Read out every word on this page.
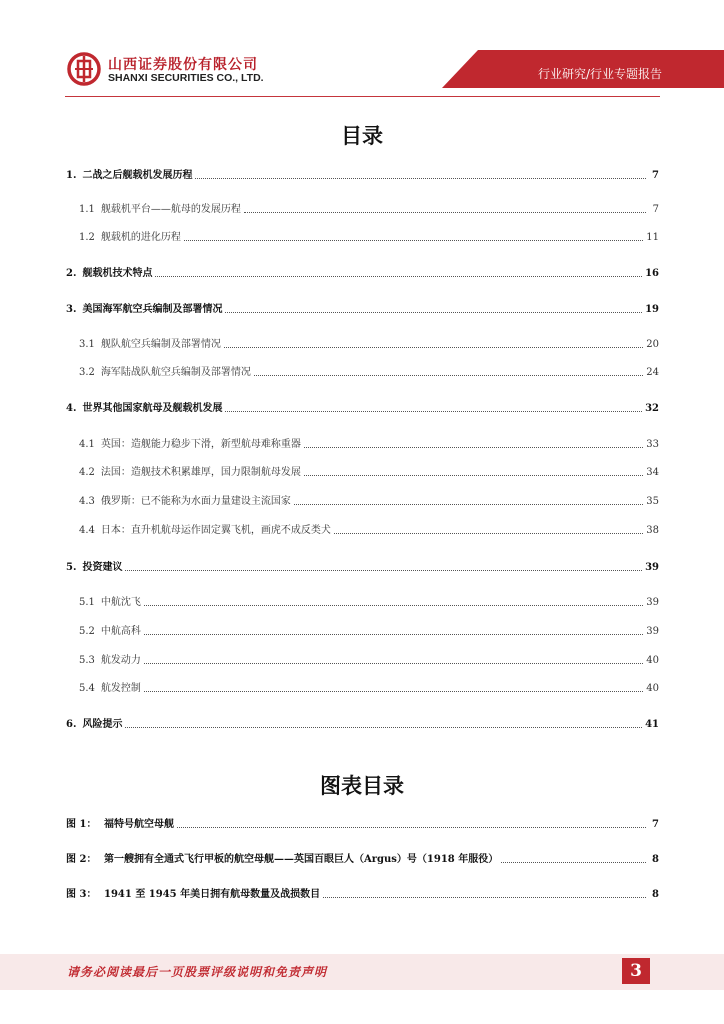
山西证券股份有限公司
SHANXI SECURITIES CO., LTD.	行业研究/行业专题报告
目录
1. 二战之后舰载机发展历程	7
1.1 舰载机平台——航母的发展历程	7
1.2 舰载机的进化历程	11
2. 舰载机技术特点	16
3. 美国海军航空兵编制及部署情况	19
3.1 舰队航空兵编制及部署情况	20
3.2 海军陆战队航空兵编制及部署情况	24
4. 世界其他国家航母及舰载机发展	32
4.1 英国：造舰能力稳步下滑，新型航母难称重器	33
4.2 法国：造舰技术积累雄厚，国力限制航母发展	34
4.3 俄罗斯：已不能称为水面力量建设主流国家	35
4.4 日本：直升机航母运作固定翼飞机，画虎不成反类犬	38
5. 投资建议	39
5.1 中航沈飞	39
5.2 中航高科	39
5.3 航发动力	40
5.4 航发控制	40
6. 风险提示	41
图表目录
图 1： 福特号航空母舰	7
图 2： 第一艘拥有全通式飞行甲板的航空母舰——英国百眼巨人（Argus）号（1918 年服役）	8
图 3： 1941 至 1945 年美日拥有航母数量及战损数目	8
请务必阅读最后一页股票评级说明和免责声明	3
